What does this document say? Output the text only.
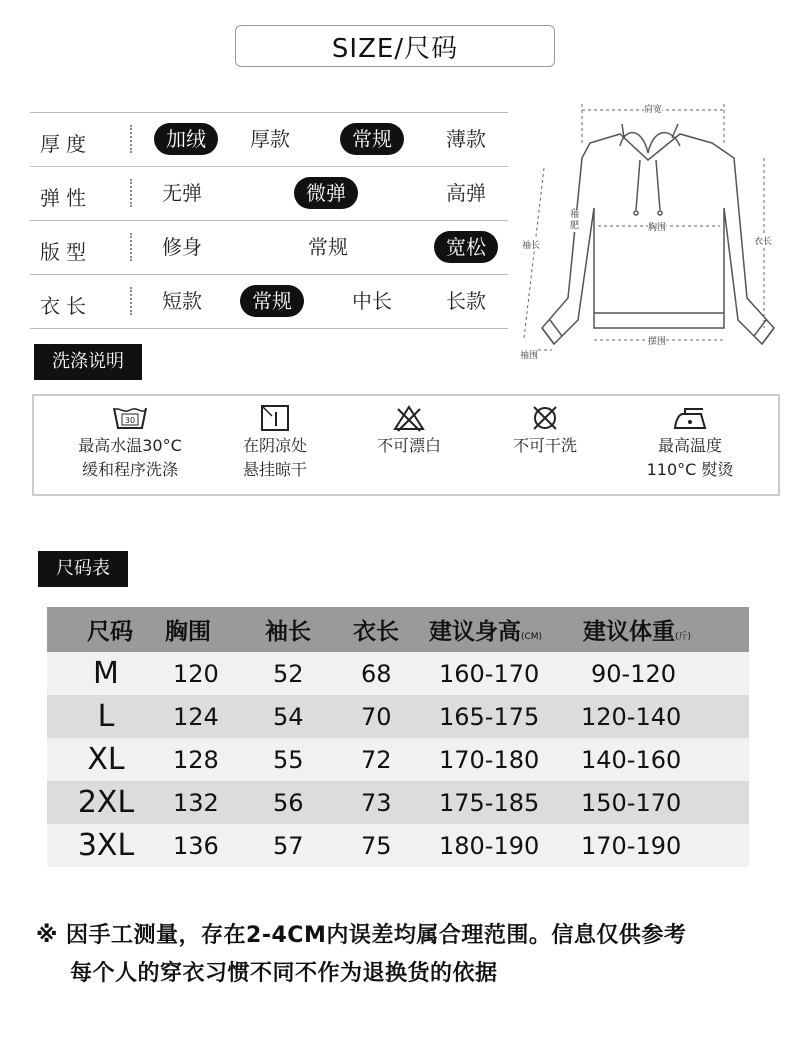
SIZE/尺码
厚度	加绒	厚款	常规	薄款
弹性	无弹	微弹	高弹
版型	修身	常规	宽松
衣长	短款	常规	中长	长款
肩宽
胸围
衣长
袖长
袖肥
摆围
袖围
洗涤说明
30
最高水温30°C
缓和程序洗涤
在阴凉处
悬挂晾干
不可漂白	不可干洗	最高温度
110°C 熨烫
尺码表
尺码	胸围	袖长	衣长	建议身高(CM)	建议体重(斤)
M	120	52	68	160-170	90-120
L	124	54	70	165-175	120-140
XL	128	55	72	170-180	140-160
2XL	132	56	73	175-185	150-170
3XL	136	57	75	180-190	170-190
※ 因手工测量，存在2-4CM内误差均属合理范围。信息仅供参考
每个人的穿衣习惯不同不作为退换货的依据
